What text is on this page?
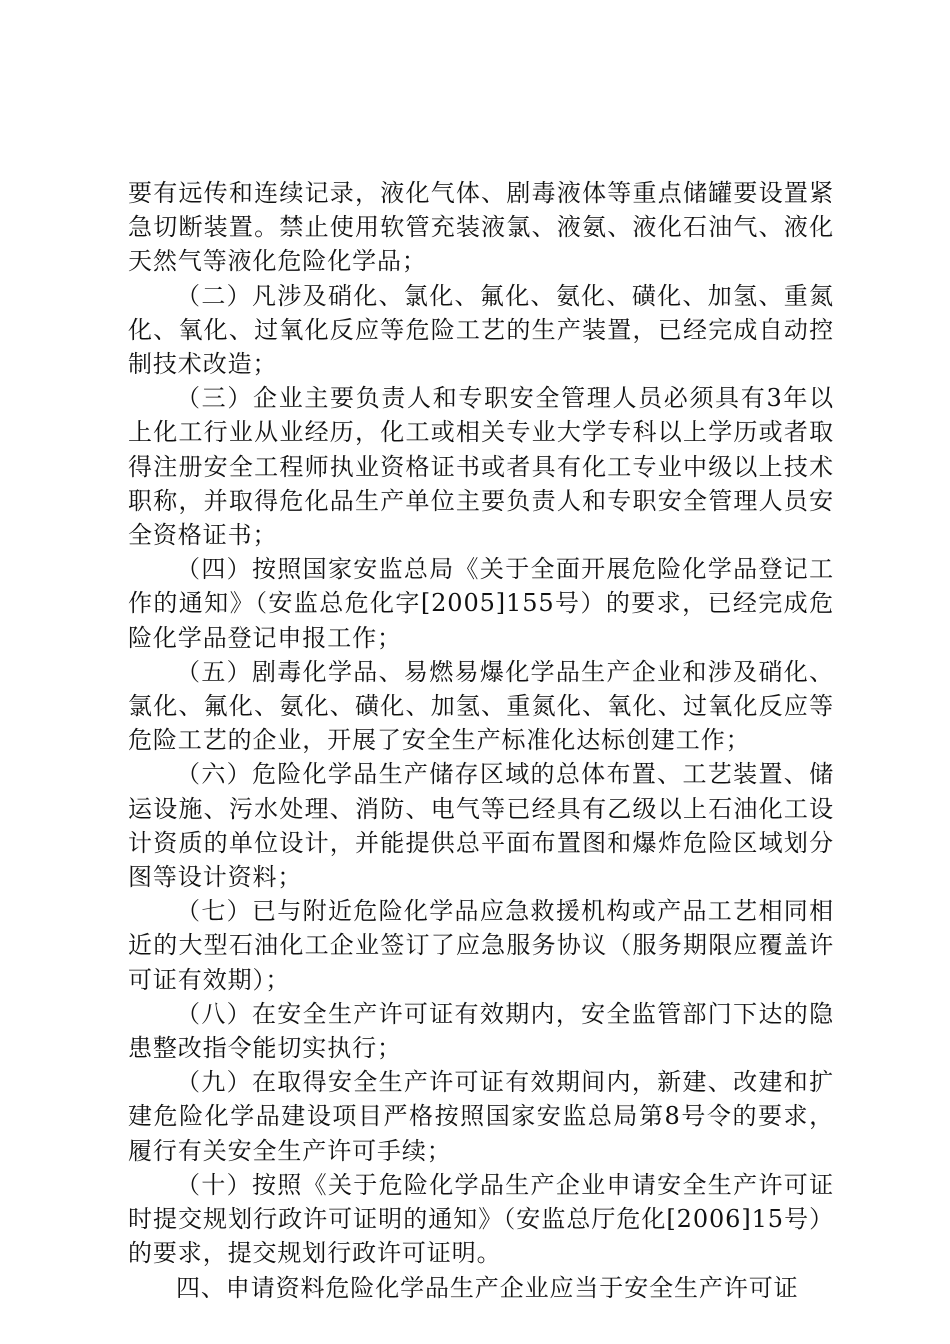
要有远传和连续记录，液化气体、剧毒液体等重点储罐要设置紧急切断装置。禁止使用软管充装液氯、液氨、液化石油气、液化天然气等液化危险化学品；

（二）凡涉及硝化、氯化、氟化、氨化、磺化、加氢、重氮化、氧化、过氧化反应等危险工艺的生产装置，已经完成自动控制技术改造；

（三）企业主要负责人和专职安全管理人员必须具有3年以上化工行业从业经历，化工或相关专业大学专科以上学历或者取得注册安全工程师执业资格证书或者具有化工专业中级以上技术职称，并取得危化品生产单位主要负责人和专职安全管理人员安全资格证书；

（四）按照国家安监总局《关于全面开展危险化学品登记工作的通知》（安监总危化字[2005]155号）的要求，已经完成危险化学品登记申报工作；

（五）剧毒化学品、易燃易爆化学品生产企业和涉及硝化、氯化、氟化、氨化、磺化、加氢、重氮化、氧化、过氧化反应等危险工艺的企业，开展了安全生产标准化达标创建工作；

（六）危险化学品生产储存区域的总体布置、工艺装置、储运设施、污水处理、消防、电气等已经具有乙级以上石油化工设计资质的单位设计，并能提供总平面布置图和爆炸危险区域划分图等设计资料；

（七）已与附近危险化学品应急救援机构或产品工艺相同相近的大型石油化工企业签订了应急服务协议（服务期限应覆盖许可证有效期）；

（八）在安全生产许可证有效期内，安全监管部门下达的隐患整改指令能切实执行；

（九）在取得安全生产许可证有效期间内，新建、改建和扩建危险化学品建设项目严格按照国家安监总局第8号令的要求，履行有关安全生产许可手续；

（十）按照《关于危险化学品生产企业申请安全生产许可证时提交规划行政许可证明的通知》（安监总厅危化[2006]15号）的要求，提交规划行政许可证明。

四、申请资料危险化学品生产企业应当于安全生产许可证
